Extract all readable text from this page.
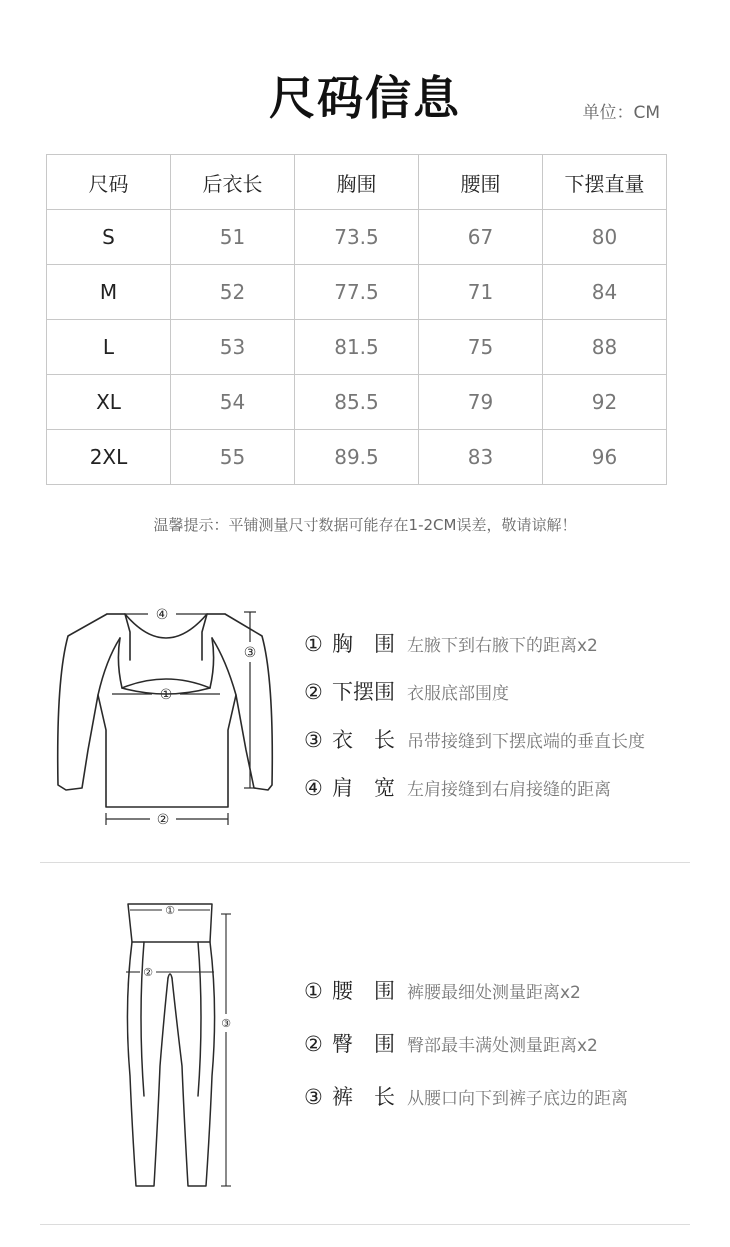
尺码信息	单位：CM
尺码	后衣长	胸围	腰围	下摆直量
S	51	73.5	67	80
M	52	77.5	71	84
L	53	81.5	75	88
XL	54	85.5	79	92
2XL	55	89.5	83	96
温馨提示：平铺测量尺寸数据可能存在1-2CM误差，敬请谅解！
④
③
①
②
① 胸　围 左腋下到右腋下的距离x2
② 下摆围 衣服底部围度
③ 衣　长 吊带接缝到下摆底端的垂直长度
④ 肩　宽 左肩接缝到右肩接缝的距离
①
②
③
① 腰　围 裤腰最细处测量距离x2
② 臀　围 臀部最丰满处测量距离x2
③ 裤　长 从腰口向下到裤子底边的距离
